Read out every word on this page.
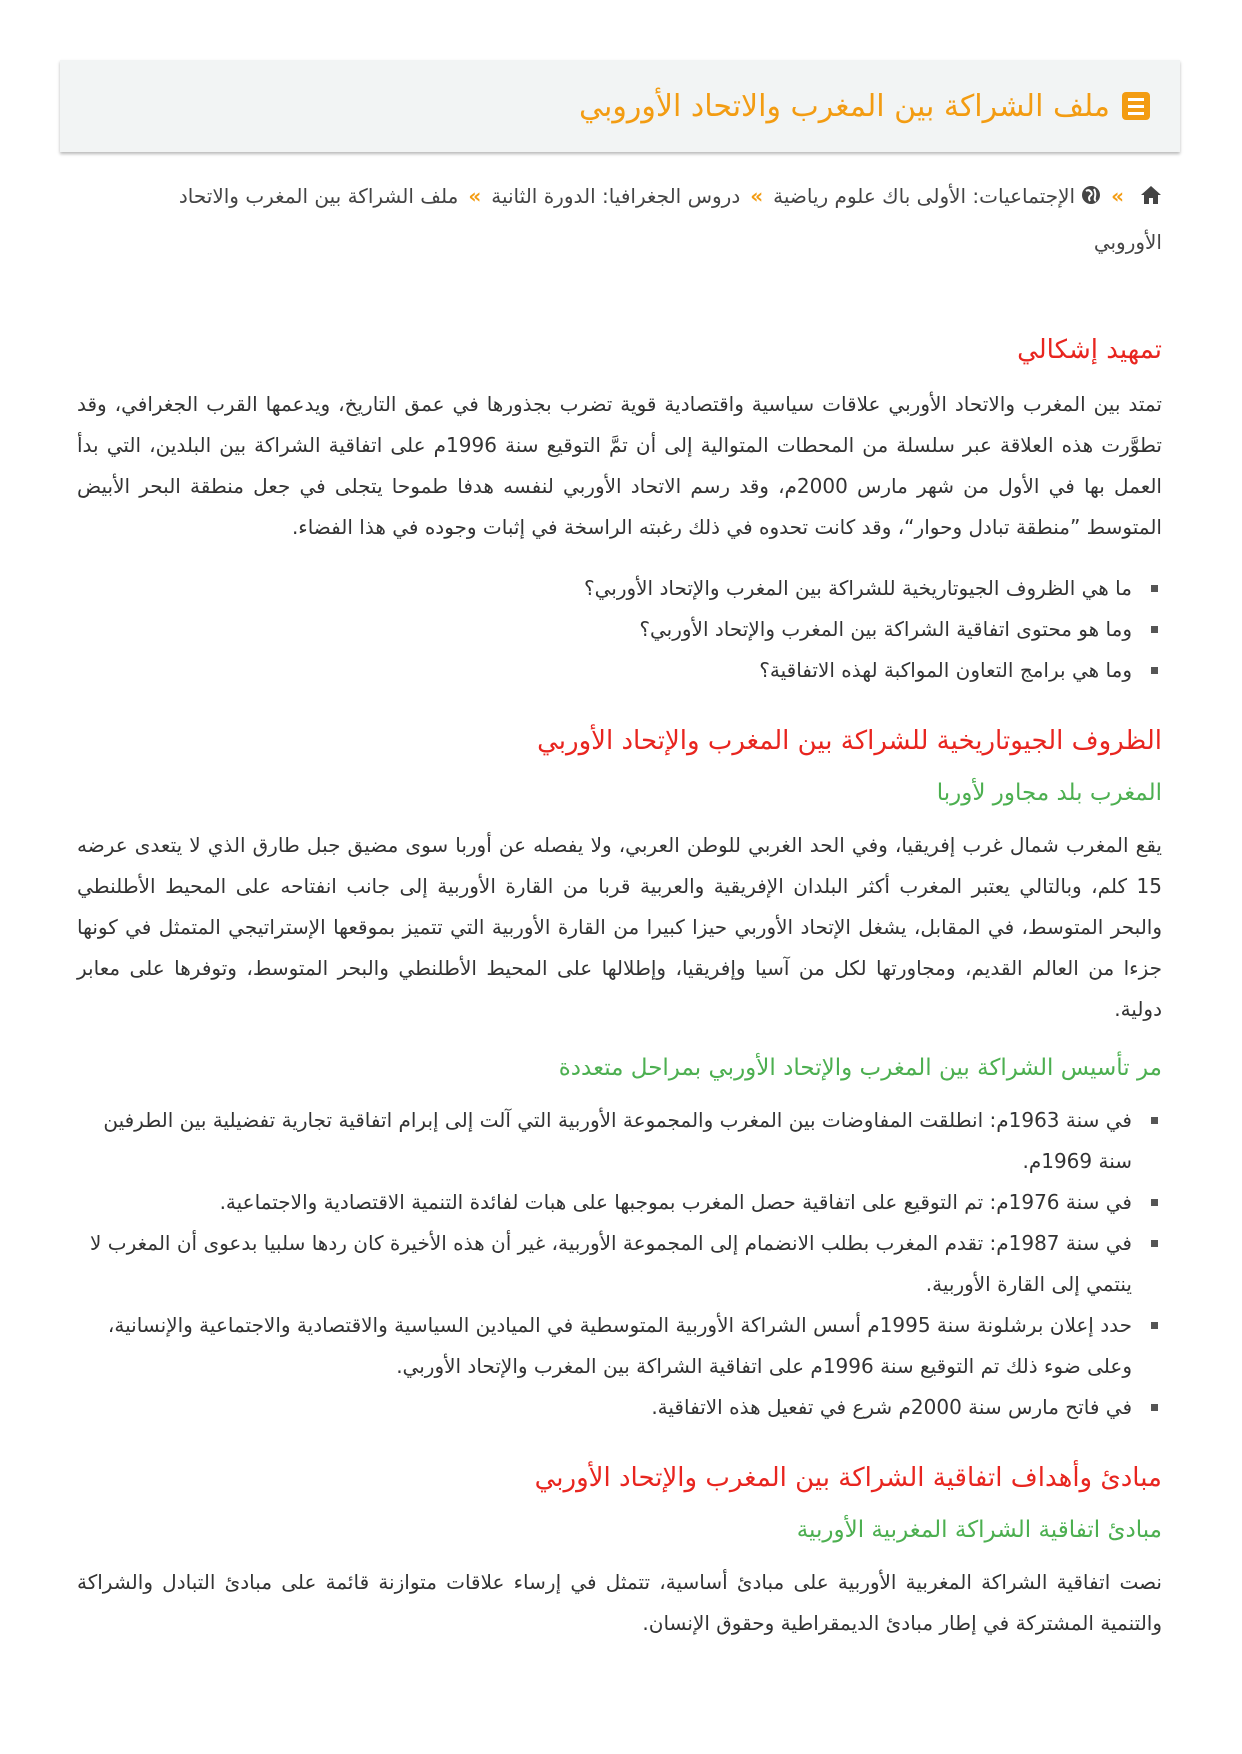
ملف الشراكة بين المغرب والاتحاد الأوروبي
»الإجتماعيات: الأولى باك علوم رياضية»دروس الجغرافيا: الدورة الثانية»ملف الشراكة بين المغرب والاتحاد الأوروبي
تمهيد إشكالي

تمتد بين المغرب والاتحاد الأوربي علاقات سياسية واقتصادية قوية تضرب بجذورها في عمق التاريخ، ويدعمها القرب الجغرافي، وقد تطوَّرت هذه العلاقة عبر سلسلة من المحطات المتوالية إلى أن تمَّ التوقيع سنة 1996م على اتفاقية الشراكة بين البلدين، التي بدأ العمل بها في الأول من شهر مارس 2000م، وقد رسم الاتحاد الأوربي لنفسه هدفا طموحا يتجلى في جعل منطقة البحر الأبيض المتوسط ”منطقة تبادل وحوار“، وقد كانت تحدوه في ذلك رغبته الراسخة في إثبات وجوده في هذا الفضاء.

ما هي الظروف الجيوتاريخية للشراكة بين المغرب والإتحاد الأوربي؟
وما هو محتوى اتفاقية الشراكة بين المغرب والإتحاد الأوربي؟
وما هي برامج التعاون المواكبة لهذه الاتفاقية؟
الظروف الجيوتاريخية للشراكة بين المغرب والإتحاد الأوربي
المغرب بلد مجاور لأوربا

يقع المغرب شمال غرب إفريقيا، وفي الحد الغربي للوطن العربي، ولا يفصله عن أوربا سوى مضيق جبل طارق الذي لا يتعدى عرضه 15 كلم، وبالتالي يعتبر المغرب أكثر البلدان الإفريقية والعربية قربا من القارة الأوربية إلى جانب انفتاحه على المحيط الأطلنطي والبحر المتوسط، في المقابل، يشغل الإتحاد الأوربي حيزا كبيرا من القارة الأوربية التي تتميز بموقعها الإستراتيجي المتمثل في كونها جزءا من العالم القديم، ومجاورتها لكل من آسيا وإفريقيا، وإطلالها على المحيط الأطلنطي والبحر المتوسط، وتوفرها على معابر دولية.

مر تأسيس الشراكة بين المغرب والإتحاد الأوربي بمراحل متعددة
في سنة 1963م: انطلقت المفاوضات بين المغرب والمجموعة الأوربية التي آلت إلى إبرام اتفاقية تجارية تفضيلية بين الطرفين سنة 1969م.
في سنة 1976م: تم التوقيع على اتفاقية حصل المغرب بموجبها على هبات لفائدة التنمية الاقتصادية والاجتماعية.
في سنة 1987م: تقدم المغرب بطلب الانضمام إلى المجموعة الأوربية، غير أن هذه الأخيرة كان ردها سلبيا بدعوى أن المغرب لا ينتمي إلى القارة الأوربية.
حدد إعلان برشلونة سنة 1995م أسس الشراكة الأوربية المتوسطية في الميادين السياسية والاقتصادية والاجتماعية والإنسانية، وعلى ضوء ذلك تم التوقيع سنة 1996م على اتفاقية الشراكة بين المغرب والإتحاد الأوربي.
في فاتح مارس سنة 2000م شرع في تفعيل هذه الاتفاقية.
مبادئ وأهداف اتفاقية الشراكة بين المغرب والإتحاد الأوربي
مبادئ اتفاقية الشراكة المغربية الأوربية

نصت اتفاقية الشراكة المغربية الأوربية على مبادئ أساسية، تتمثل في إرساء علاقات متوازنة قائمة على مبادئ التبادل والشراكة والتنمية المشتركة في إطار مبادئ الديمقراطية وحقوق الإنسان.
